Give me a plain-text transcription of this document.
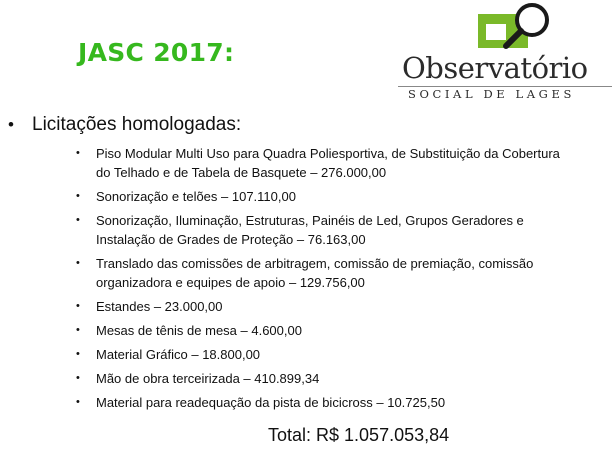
JASC 2017:	Observatório
SOCIAL DE LAGES
• Licitações homologadas:
• Piso Modular Multi Uso para Quadra Poliesportiva, de Substituição da Cobertura do Telhado e de Tabela de Basquete – 276.000,00
• Sonorização e telões – 107.110,00
• Sonorização, Iluminação, Estruturas, Painéis de Led, Grupos Geradores e Instalação de Grades de Proteção – 76.163,00
• Translado das comissões de arbitragem, comissão de premiação, comissão organizadora e equipes de apoio – 129.756,00
• Estandes – 23.000,00
• Mesas de tênis de mesa – 4.600,00
• Material Gráfico – 18.800,00
• Mão de obra terceirizada – 410.899,34
• Material para readequação da pista de bicicross – 10.725,50

Total: R$ 1.057.053,84
